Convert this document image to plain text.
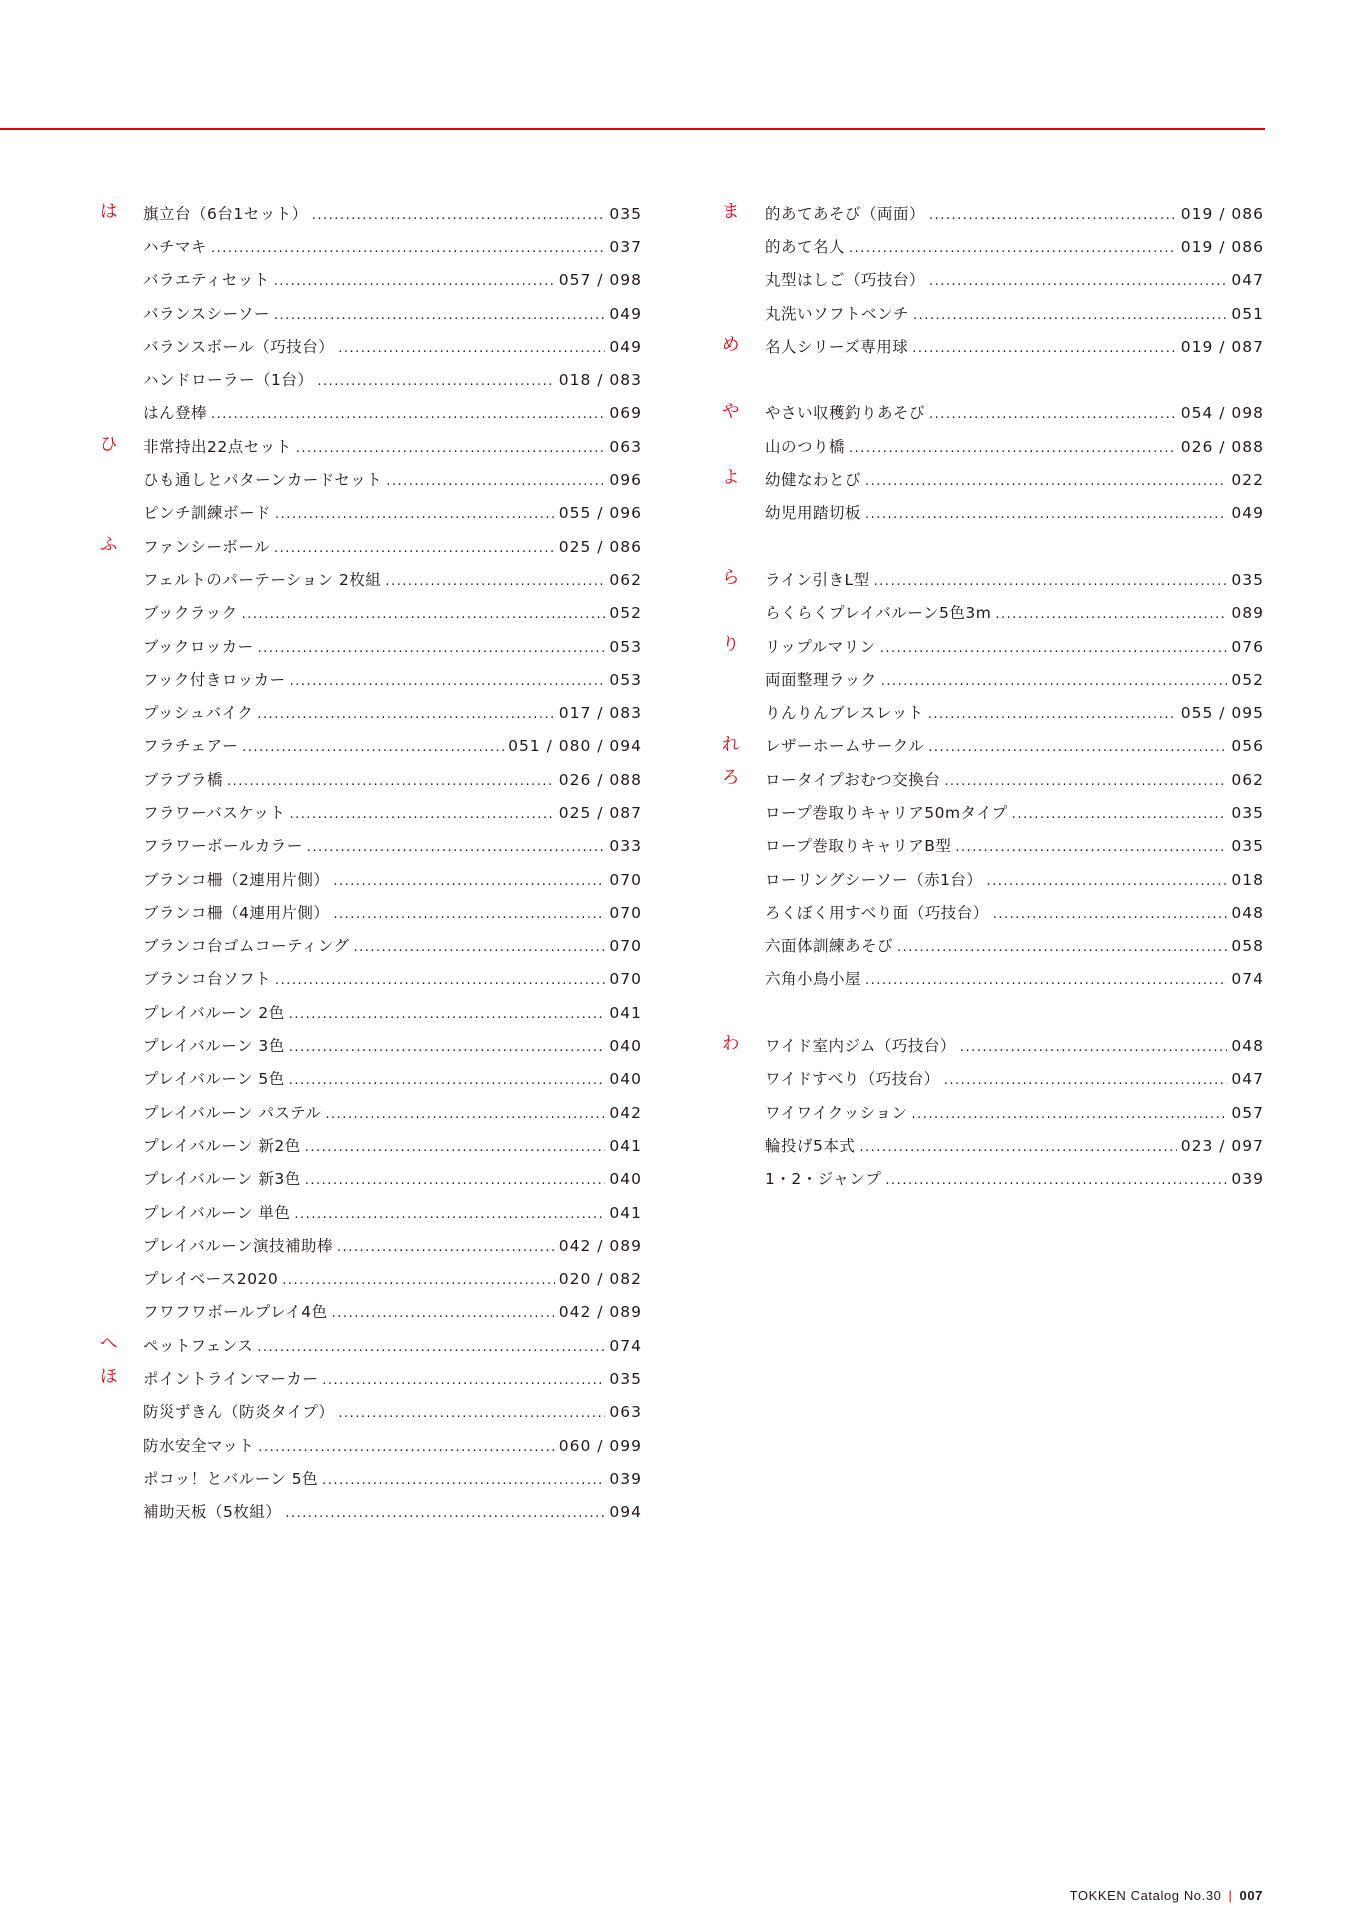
は	旗立台（6台1セット） .....	035
ハチマキ .....	037
バラエティセット .....	057 / 098
バランスシーソー .....	049
バランスボール（巧技台） .....	049
ハンドローラー（1台） .....	018 / 083
はん登棒 .....	069
ひ	非常持出22点セット .....	063
ひも通しとパターンカードセット .....	096
ピンチ訓練ボード .....	055 / 096
ふ	ファンシーボール .....	025 / 086
フェルトのパーテーション 2枚組 .....	062
ブックラック .....	052
ブックロッカー .....	053
フック付きロッカー .....	053
プッシュバイク .....	017 / 083
フラチェアー .....	051 / 080 / 094
ブラブラ橋 .....	026 / 088
フラワーバスケット .....	025 / 087
フラワーボールカラー .....	033
ブランコ柵（2連用片側） .....	070
ブランコ柵（4連用片側） .....	070
ブランコ台ゴムコーティング .....	070
ブランコ台ソフト .....	070
プレイバルーン 2色 .....	041
プレイバルーン 3色 .....	040
プレイバルーン 5色 .....	040
プレイバルーン パステル .....	042
プレイバルーン 新2色 .....	041
プレイバルーン 新3色 .....	040
プレイバルーン 単色 .....	041
プレイバルーン演技補助棒 .....	042 / 089
プレイベース2020 .....	020 / 082
フワフワボールプレイ4色 .....	042 / 089
へ	ペットフェンス .....	074
ほ	ポイントラインマーカー .....	035
防災ずきん（防炎タイプ） .....	063
防水安全マット .....	060 / 099
ポコッ！とバルーン 5色 .....	039
補助天板（5枚組） .....	094
ま	的あてあそび（両面） .....	019 / 086
的あて名人 .....	019 / 086
丸型はしご（巧技台） .....	047
丸洗いソフトベンチ .....	051
め	名人シリーズ専用球 .....	019 / 087
や	やさい収穫釣りあそび .....	054 / 098
山のつり橋 .....	026 / 088
よ	幼健なわとび .....	022
幼児用踏切板 .....	049
ら	ライン引きL型 .....	035
らくらくプレイバルーン5色3m .....	089
り	リップルマリン .....	076
両面整理ラック .....	052
りんりんブレスレット .....	055 / 095
れ	レザーホームサークル .....	056
ろ	ロータイプおむつ交換台 .....	062
ロープ巻取りキャリア50mタイプ .....	035
ロープ巻取りキャリアB型 .....	035
ローリングシーソー（赤1台） .....	018
ろくぼく用すべり面（巧技台） .....	048
六面体訓練あそび .....	058
六角小鳥小屋 .....	074
わ	ワイド室内ジム（巧技台） .....	048
ワイドすべり（巧技台） .....	047
ワイワイクッション .....	057
輪投げ5本式 .....	023 / 097
1・2・ジャンプ .....	039
TOKKEN Catalog No.30 | 007
